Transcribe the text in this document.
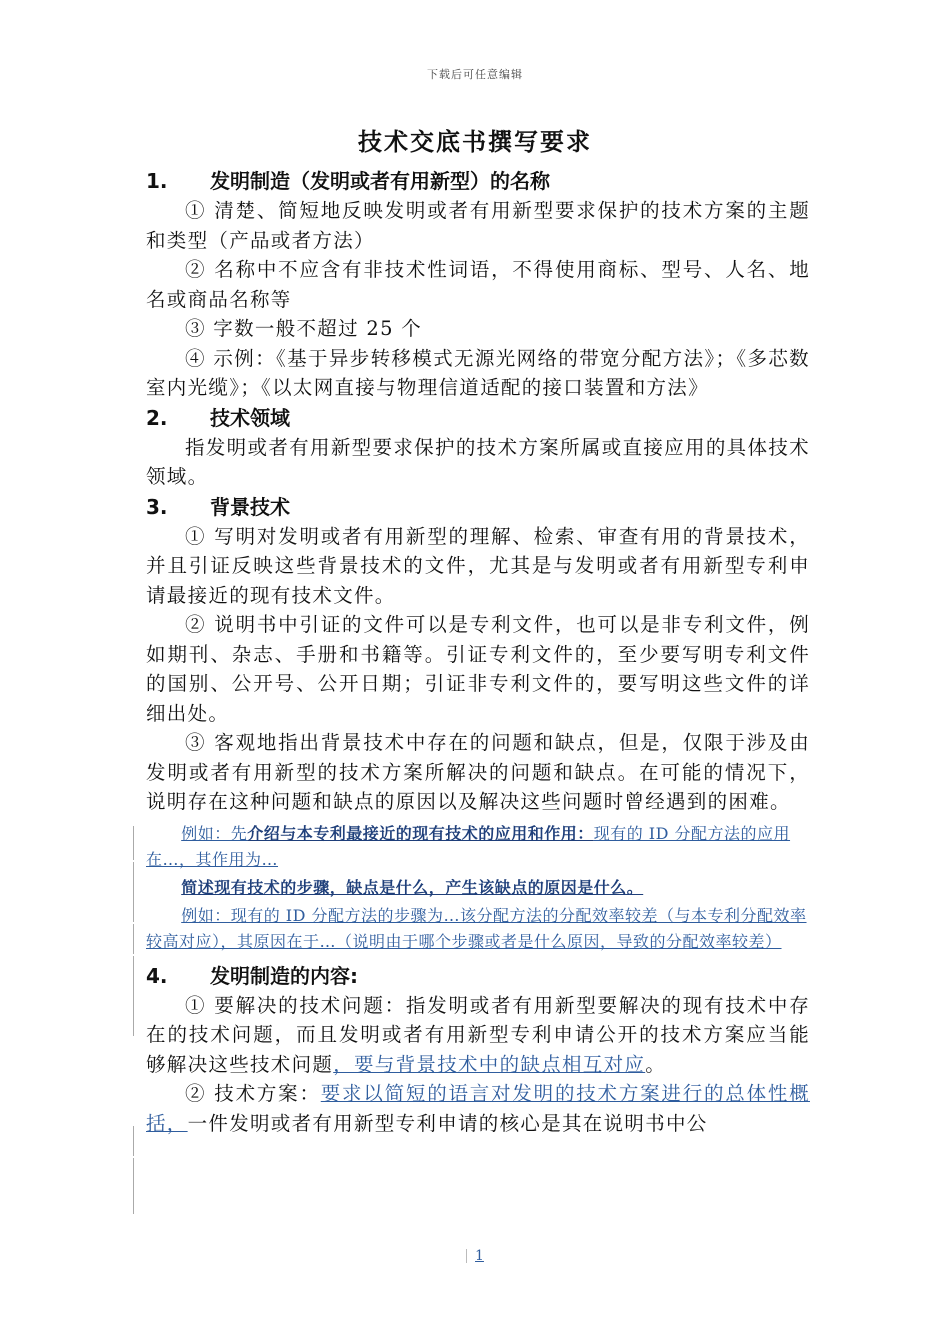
下载后可任意编辑
技术交底书撰写要求
1. 发明制造（发明或者有用新型）的名称

① 清楚、简短地反映发明或者有用新型要求保护的技术方案的主题和类型（产品或者方法）

② 名称中不应含有非技术性词语，不得使用商标、型号、人名、地名或商品名称等

③ 字数一般不超过 25 个

④ 示例：《基于异步转移模式无源光网络的带宽分配方法》；《多芯数室内光缆》；《以太网直接与物理信道适配的接口装置和方法》

2. 技术领域

指发明或者有用新型要求保护的技术方案所属或直接应用的具体技术领域。

3. 背景技术

① 写明对发明或者有用新型的理解、检索、审查有用的背景技术，并且引证反映这些背景技术的文件，尤其是与发明或者有用新型专利申请最接近的现有技术文件。

② 说明书中引证的文件可以是专利文件，也可以是非专利文件，例如期刊、杂志、手册和书籍等。引证专利文件的，至少要写明专利文件的国别、公开号、公开日期；引证非专利文件的，要写明这些文件的详细出处。

③ 客观地指出背景技术中存在的问题和缺点，但是，仅限于涉及由发明或者有用新型的技术方案所解决的问题和缺点。在可能的情况下，说明存在这种问题和缺点的原因以及解决这些问题时曾经遇到的困难。

例如：先介绍与本专利最接近的现有技术的应用和作用：现有的 ID 分配方法的应用在…，其作用为…

简述现有技术的步骤，缺点是什么，产生该缺点的原因是什么。

例如：现有的 ID 分配方法的步骤为…该分配方法的分配效率较差（与本专利分配效率较高对应），其原因在于…（说明由于哪个步骤或者是什么原因，导致的分配效率较差）

4. 发明制造的内容:

① 要解决的技术问题：指发明或者有用新型要解决的现有技术中存在的技术问题，而且发明或者有用新型专利申请公开的技术方案应当能够解决这些技术问题，要与背景技术中的缺点相互对应。

② 技术方案：要求以简短的语言对发明的技术方案进行的总体性概括，一件发明或者有用新型专利申请的核心是其在说明书中公

1
